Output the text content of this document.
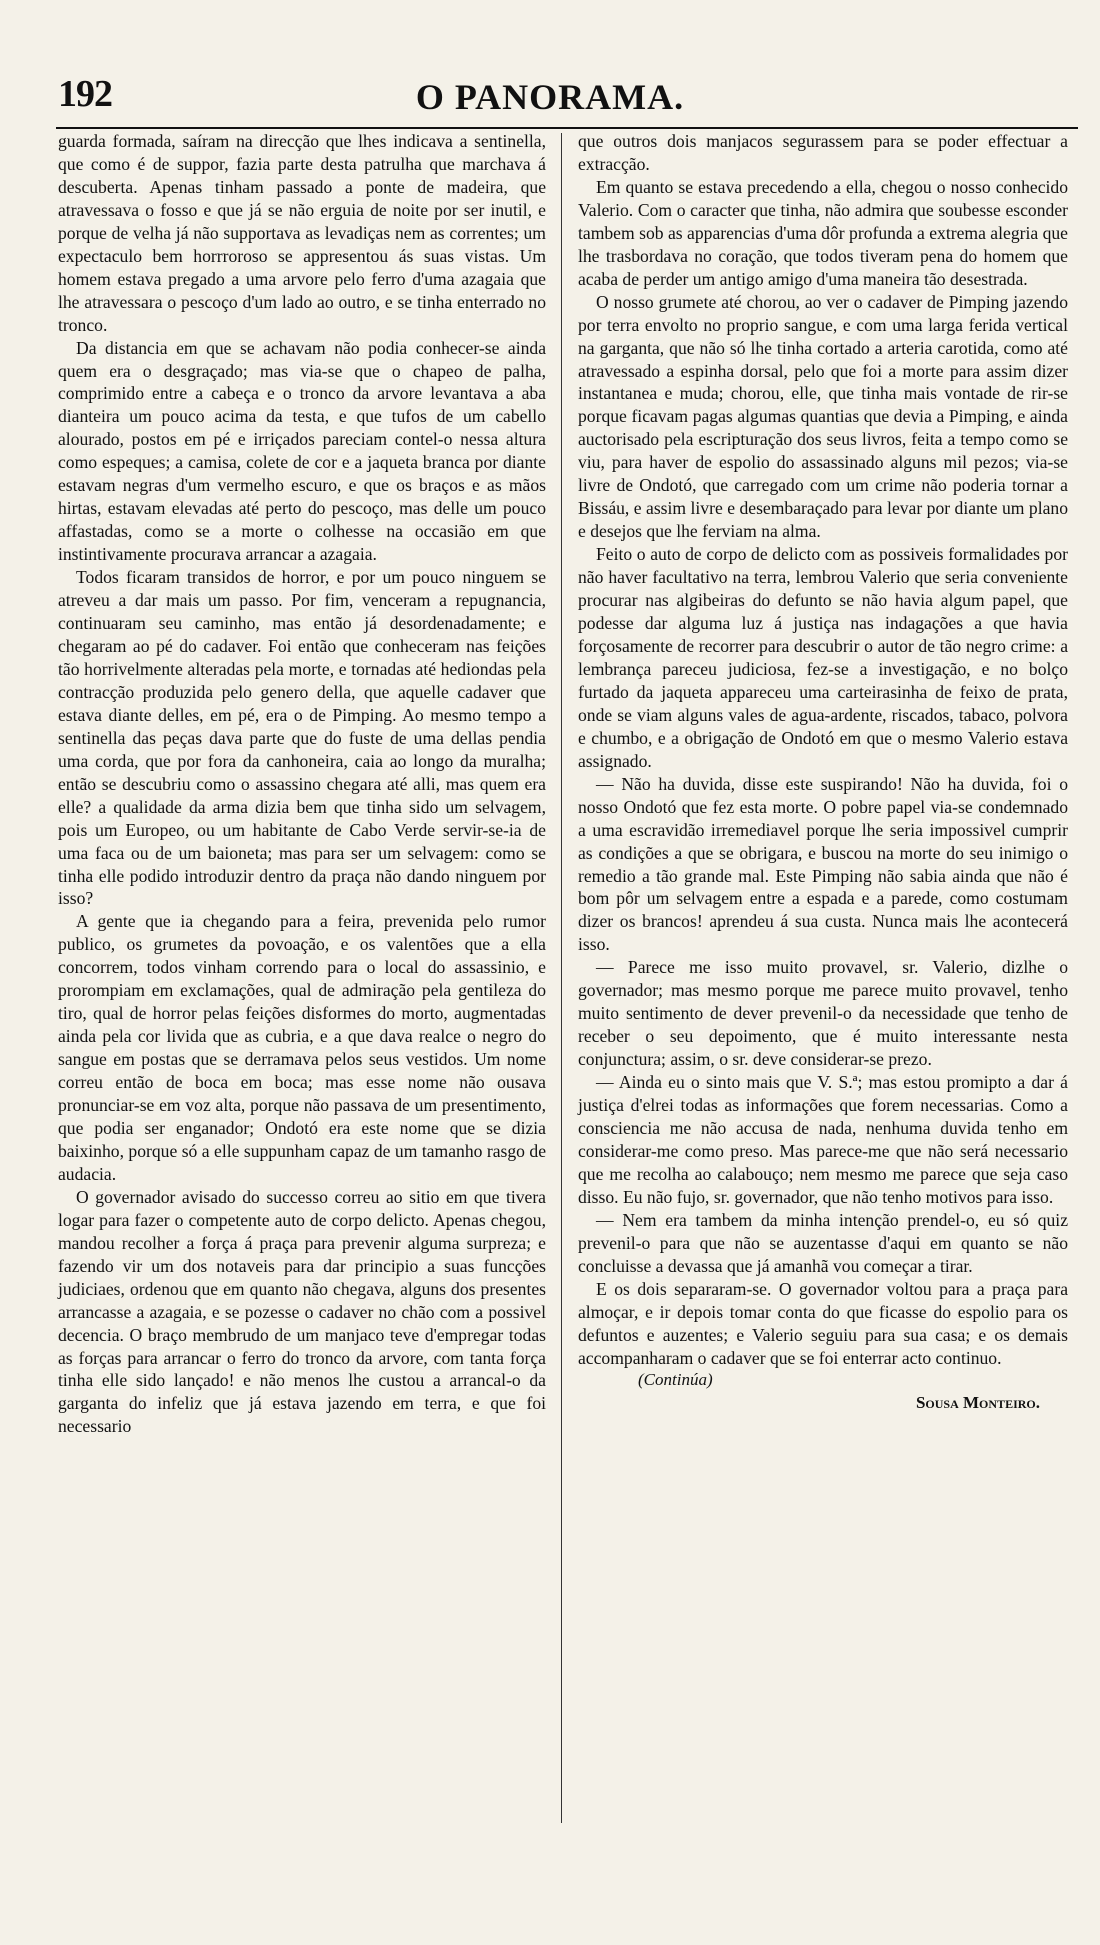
192	O PANORAMA.

guarda formada, saíram na direcção que lhes indicava a sentinella, que como é de suppor, fazia parte desta patrulha que marchava á descuberta. Apenas tinham passado a ponte de madeira, que atravessava o fosso e que já se não erguia de noite por ser inutil, e porque de velha já não supportava as levadiças nem as correntes; um expectaculo bem horrroroso se appresentou ás suas vistas. Um homem estava pregado a uma arvore pelo ferro d'uma azagaia que lhe atravessara o pescoço d'um lado ao outro, e se tinha enterrado no tronco.

Da distancia em que se achavam não podia conhecer-se ainda quem era o desgraçado; mas via-se que o chapeo de palha, comprimido entre a cabeça e o tronco da arvore levantava a aba dianteira um pouco acima da testa, e que tufos de um cabello alourado, postos em pé e irriçados pareciam contel-o nessa altura como espeques; a camisa, colete de cor e a jaqueta branca por diante estavam negras d'um vermelho escuro, e que os braços e as mãos hirtas, estavam elevadas até perto do pescoço, mas delle um pouco affastadas, como se a morte o colhesse na occasião em que instintivamente procurava arrancar a azagaia.

Todos ficaram transidos de horror, e por um pouco ninguem se atreveu a dar mais um passo. Por fim, venceram a repugnancia, continuaram seu caminho, mas então já desordenadamente; e chegaram ao pé do cadaver. Foi então que conheceram nas feições tão horrivelmente alteradas pela morte, e tornadas até hediondas pela contracção produzida pelo genero della, que aquelle cadaver que estava diante delles, em pé, era o de Pimping. Ao mesmo tempo a sentinella das peças dava parte que do fuste de uma dellas pendia uma corda, que por fora da canhoneira, caia ao longo da muralha; então se descubriu como o assassino chegara até alli, mas quem era elle? a qualidade da arma dizia bem que tinha sido um selvagem, pois um Europeo, ou um habitante de Cabo Verde servir-se-ia de uma faca ou de um baioneta; mas para ser um selvagem: como se tinha elle podido introduzir dentro da praça não dando ninguem por isso?

A gente que ia chegando para a feira, prevenida pelo rumor publico, os grumetes da povoação, e os valentões que a ella concorrem, todos vinham correndo para o local do assassinio, e prorompiam em exclamações, qual de admiração pela gentileza do tiro, qual de horror pelas feições disformes do morto, augmentadas ainda pela cor livida que as cubria, e a que dava realce o negro do sangue em postas que se derramava pelos seus vestidos. Um nome correu então de boca em boca; mas esse nome não ousava pronunciar-se em voz alta, porque não passava de um presentimento, que podia ser enganador; Ondotó era este nome que se dizia baixinho, porque só a elle suppunham capaz de um tamanho rasgo de audacia.

O governador avisado do successo correu ao sitio em que tivera logar para fazer o competente auto de corpo delicto. Apenas chegou, mandou recolher a força á praça para prevenir alguma surpreza; e fazendo vir um dos notaveis para dar principio a suas funcções judiciaes, ordenou que em quanto não chegava, alguns dos presentes arrancasse a azagaia, e se pozesse o cadaver no chão com a possivel decencia. O braço membrudo de um manjaco teve d'empregar todas as forças para arrancar o ferro do tronco da arvore, com tanta força tinha elle sido lançado! e não menos lhe custou a arrancal-o da garganta do infeliz que já estava jazendo em terra, e que foi necessario

que outros dois manjacos segurassem para se poder effectuar a extracção.

Em quanto se estava precedendo a ella, chegou o nosso conhecido Valerio. Com o caracter que tinha, não admira que soubesse esconder tambem sob as apparencias d'uma dôr profunda a extrema alegria que lhe trasbordava no coração, que todos tiveram pena do homem que acaba de perder um antigo amigo d'uma maneira tão desestrada.

O nosso grumete até chorou, ao ver o cadaver de Pimping jazendo por terra envolto no proprio sangue, e com uma larga ferida vertical na garganta, que não só lhe tinha cortado a arteria carotida, como até atravessado a espinha dorsal, pelo que foi a morte para assim dizer instantanea e muda; chorou, elle, que tinha mais vontade de rir-se porque ficavam pagas algumas quantias que devia a Pimping, e ainda auctorisado pela escripturação dos seus livros, feita a tempo como se viu, para haver de espolio do assassinado alguns mil pezos; via-se livre de Ondotó, que carregado com um crime não poderia tornar a Bissáu, e assim livre e desembaraçado para levar por diante um plano e desejos que lhe ferviam na alma.

Feito o auto de corpo de delicto com as possiveis formalidades por não haver facultativo na terra, lembrou Valerio que seria conveniente procurar nas algibeiras do defunto se não havia algum papel, que podesse dar alguma luz á justiça nas indagações a que havia forçosamente de recorrer para descubrir o autor de tão negro crime: a lembrança pareceu judiciosa, fez-se a investigação, e no bolço furtado da jaqueta appareceu uma carteirasinha de feixo de prata, onde se viam alguns vales de agua-ardente, riscados, tabaco, polvora e chumbo, e a obrigação de Ondotó em que o mesmo Valerio estava assignado.

— Não ha duvida, disse este suspirando! Não ha duvida, foi o nosso Ondotó que fez esta morte. O pobre papel via-se condemnado a uma escravidão irremediavel porque lhe seria impossivel cumprir as condições a que se obrigara, e buscou na morte do seu inimigo o remedio a tão grande mal. Este Pimping não sabia ainda que não é bom pôr um selvagem entre a espada e a parede, como costumam dizer os brancos! aprendeu á sua custa. Nunca mais lhe acontecerá isso.

— Parece me isso muito provavel, sr. Valerio, dizlhe o governador; mas mesmo porque me parece muito provavel, tenho muito sentimento de dever prevenil-o da necessidade que tenho de receber o seu depoimento, que é muito interessante nesta conjunctura; assim, o sr. deve considerar-se prezo.

— Ainda eu o sinto mais que V. S.ª; mas estou promipto a dar á justiça d'elrei todas as informações que forem necessarias. Como a consciencia me não accusa de nada, nenhuma duvida tenho em considerar-me como preso. Mas parece-me que não será necessario que me recolha ao calabouço; nem mesmo me parece que seja caso disso. Eu não fujo, sr. governador, que não tenho motivos para isso.

— Nem era tambem da minha intenção prendel-o, eu só quiz prevenil-o para que não se auzentasse d'aqui em quanto se não concluisse a devassa que já amanhã vou começar a tirar.

E os dois separaram-se. O governador voltou para a praça para almoçar, e ir depois tomar conta do que ficasse do espolio para os defuntos e auzentes; e Valerio seguiu para sua casa; e os demais accompanharam o cadaver que se foi enterrar acto continuo.

(Continúa)

Sousa Monteiro.
